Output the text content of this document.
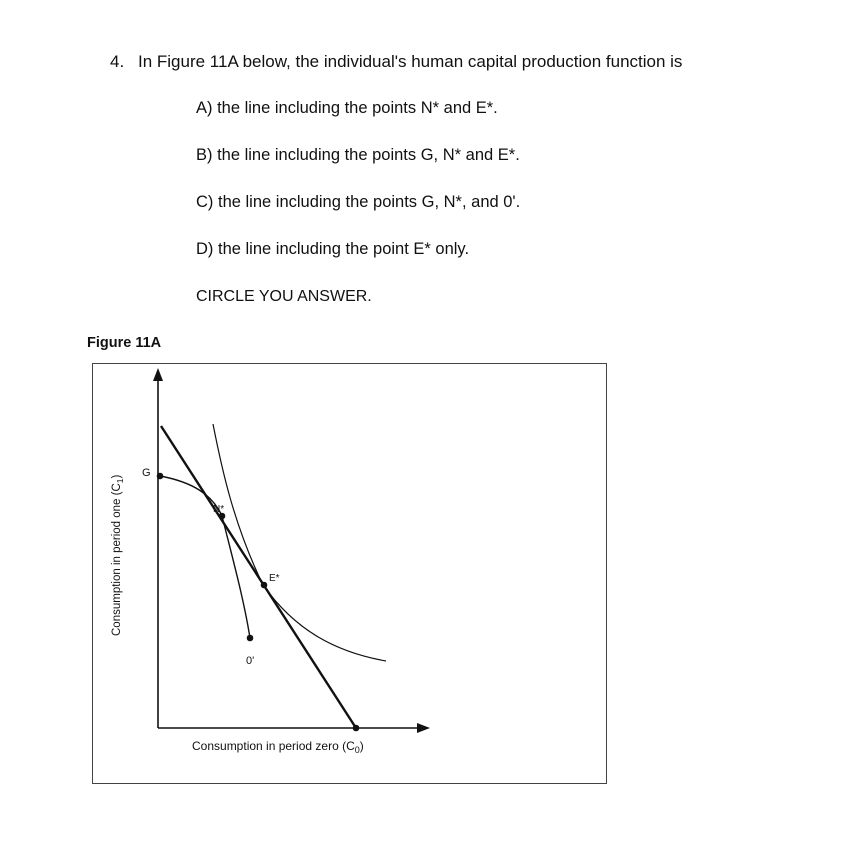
4. In Figure 11A below, the individual's human capital production function is
A) the line including the points N* and E*.
B) the line including the points G, N* and E*.
C) the line including the points G, N*, and 0'.
D) the line including the point E* only.
CIRCLE YOU ANSWER.
Figure 11A
G
N*
E*
0'
Consumption in period zero $(C_0)$
Consumption in period one $(C_1)$
